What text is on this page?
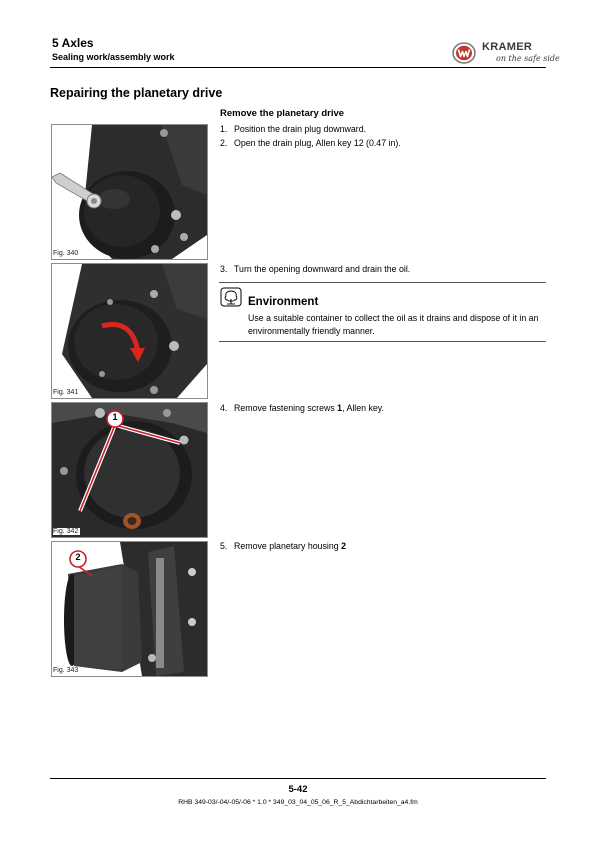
5 Axles
Sealing work/assembly work
KRAMER
on the safe side
Repairing the planetary drive
Remove the planetary drive
1. Position the drain plug downward.
2. Open the drain plug, Allen key 12 (0.47 in).
3. Turn the opening downward and drain the oil.
Environment
Use a suitable container to collect the oil as it drains and dispose of it in an environmentally friendly manner.
4. Remove fastening screws 1, Allen key.
5. Remove planetary housing 2
Fig. 340
Fig. 341
1
Fig. 342
2
Fig. 343
5-42
RHB 349-03/-04/-05/-06 * 1.0 * 349_03_04_05_06_R_5_Abdichtarbeiten_a4.fm
